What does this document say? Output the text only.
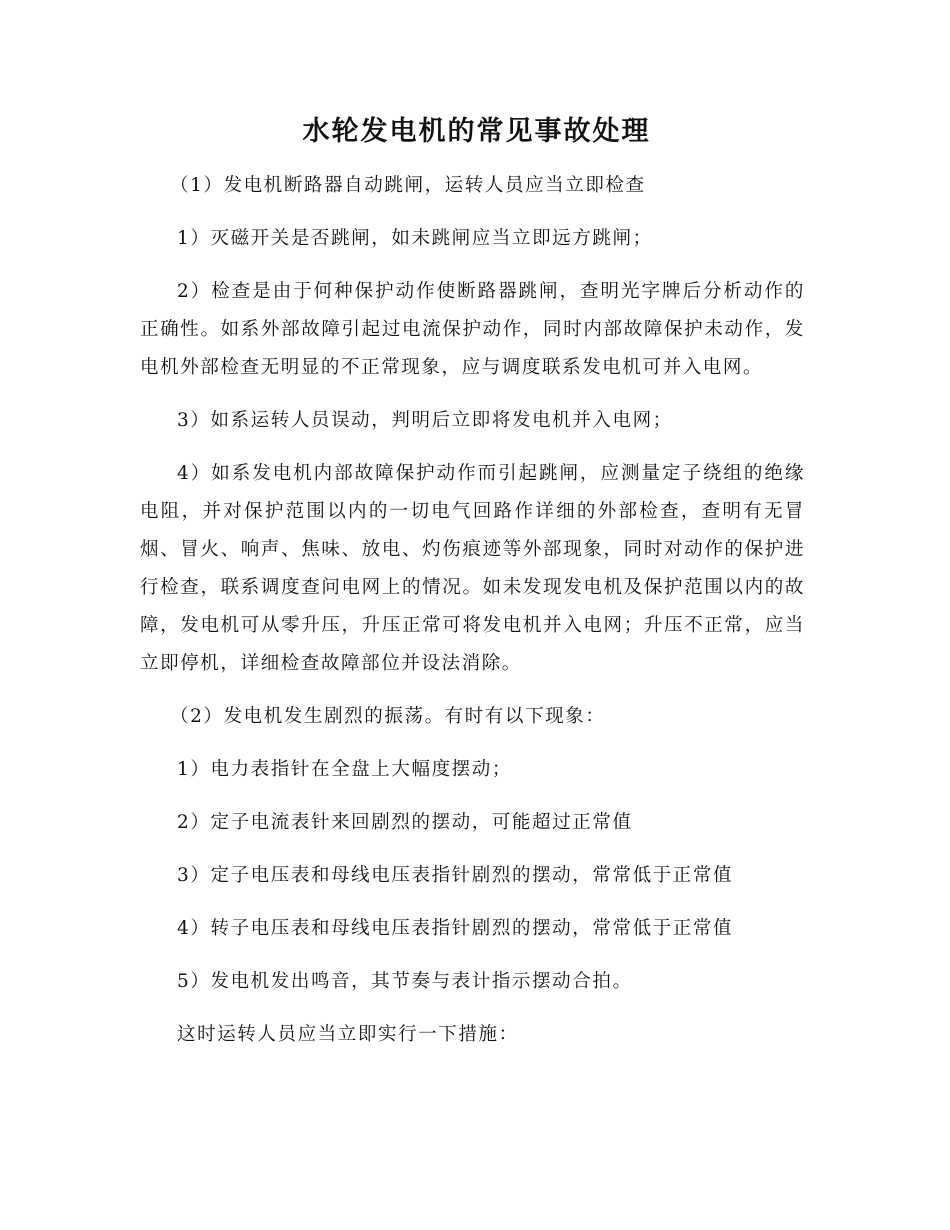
水轮发电机的常见事故处理

（1）发电机断路器自动跳闸，运转人员应当立即检查

1）灭磁开关是否跳闸，如未跳闸应当立即远方跳闸；

2）检查是由于何种保护动作使断路器跳闸，查明光字牌后分析动作的正确性。如系外部故障引起过电流保护动作，同时内部故障保护未动作，发电机外部检查无明显的不正常现象，应与调度联系发电机可并入电网。

3）如系运转人员误动，判明后立即将发电机并入电网；

4）如系发电机内部故障保护动作而引起跳闸，应测量定子绕组的绝缘电阻，并对保护范围以内的一切电气回路作详细的外部检查，查明有无冒烟、冒火、响声、焦味、放电、灼伤痕迹等外部现象，同时对动作的保护进行检查，联系调度查问电网上的情况。如未发现发电机及保护范围以内的故障，发电机可从零升压，升压正常可将发电机并入电网；升压不正常，应当立即停机，详细检查故障部位并设法消除。

（2）发电机发生剧烈的振荡。有时有以下现象：

1）电力表指针在全盘上大幅度摆动；

2）定子电流表针来回剧烈的摆动，可能超过正常值

3）定子电压表和母线电压表指针剧烈的摆动，常常低于正常值

4）转子电压表和母线电压表指针剧烈的摆动，常常低于正常值

5）发电机发出鸣音，其节奏与表计指示摆动合拍。

这时运转人员应当立即实行一下措施：
